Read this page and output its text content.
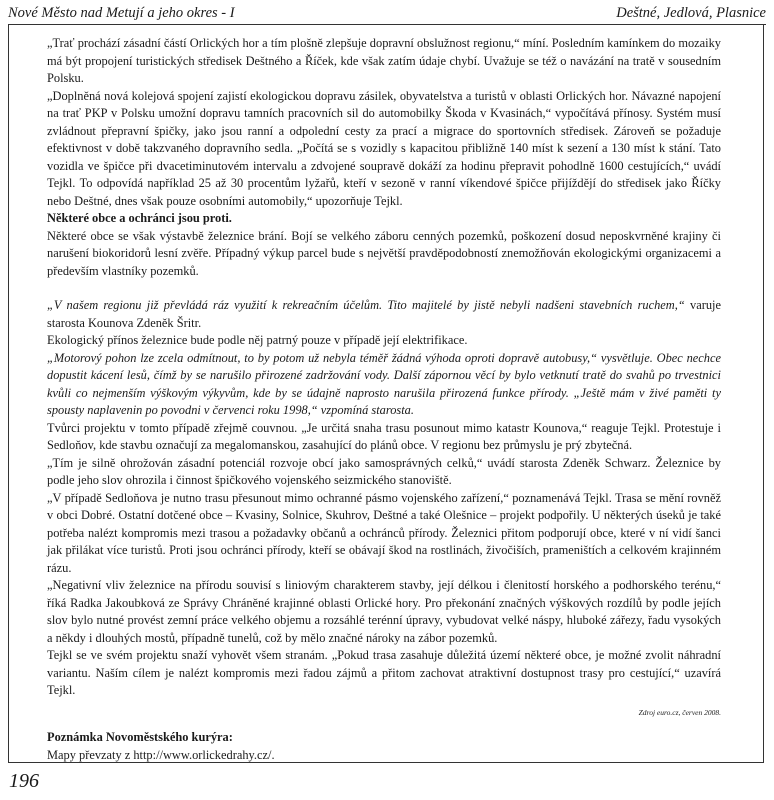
Nové Město nad Metují a jeho okres - I	Deštné, Jedlová, Plasnice

„Trať prochází zásadní částí Orlických hor a tím plošně zlepšuje dopravní obslužnost regionu,“ míní. Posledním kamínkem do mozaiky má být propojení turistických středisek Deštného a Říček, kde však zatím údaje chybí. Uvažuje se též o navázání na tratě v sousedním Polsku.

„Doplněná nová kolejová spojení zajistí ekologickou dopravu zásilek, obyvatelstva a turistů v oblasti Orlických hor. Návazné napojení na trať PKP v Polsku umožní dopravu tamních pracovních sil do automobilky Škoda v Kvasinách,“ vypočítává přínosy. Systém musí zvládnout přepravní špičky, jako jsou ranní a odpolední cesty za prací a migrace do sportovních středisek. Zároveň se požaduje efektivnost v době takzvaného dopravního sedla. „Počítá se s vozidly s kapacitou přibližně 140 míst k sezení a 130 míst k stání. Tato vozidla ve špičce při dvacetiminutovém intervalu a zdvojené soupravě dokáží za hodinu přepravit pohodlně 1600 cestujících,“ uvádí Tejkl. To odpovídá například 25 až 30 procentům lyžařů, kteří v sezoně v ranní víkendové špičce přijíždějí do středisek jako Říčky nebo Deštné, dnes však pouze osobními automobily,“ upozorňuje Tejkl.

Některé obce a ochránci jsou proti.

Některé obce se však výstavbě železnice brání. Bojí se velkého záboru cenných pozemků, poškození dosud neposkvrněné krajiny či narušení biokoridorů lesní zvěře. Případný výkup parcel bude s největší pravděpodobností znemožňován ekologickými organizacemi a především vlastníky pozemků.

„V našem regionu již převládá ráz využití k rekreačním účelům. Tito majitelé by jistě nebyli nadšeni stavebních ruchem,“ varuje starosta Kounova Zdeněk Šritr.

Ekologický přínos železnice bude podle něj patrný pouze v případě její elektrifikace.

„Motorový pohon lze zcela odmítnout, to by potom už nebyla téměř žádná výhoda oproti dopravě autobusy,“ vysvětluje. Obec nechce dopustit kácení lesů, čímž by se narušilo přirozené zadržování vody. Další zápornou věcí by bylo vetknutí tratě do svahů po trvestnici kvůli co nejmenším výškovým výkyvům, kde by se údajně naprosto narušila přirozená funkce přírody. „Ještě mám v živé paměti ty spousty naplavenin po povodni v červenci roku 1998,“ vzpomíná starosta.

Tvůrci projektu v tomto případě zřejmě couvnou. „Je určitá snaha trasu posunout mimo katastr Kounova,“ reaguje Tejkl. Protestuje i Sedloňov, kde stavbu označují za megalomanskou, zasahující do plánů obce. V regionu bez průmyslu je prý zbytečná.

„Tím je silně ohrožován zásadní potenciál rozvoje obcí jako samosprávných celků,“ uvádí starosta Zdeněk Schwarz. Železnice by podle jeho slov ohrozila i činnost špičkového vojenského seizmického stanoviště.

„V případě Sedloňova je nutno trasu přesunout mimo ochranné pásmo vojenského zařízení,“ poznamenává Tejkl. Trasa se mění rovněž v obci Dobré. Ostatní dotčené obce – Kvasiny, Solnice, Skuhrov, Deštné a také Olešnice – projekt podpořily. U některých úseků je také potřeba nalézt kompromis mezi trasou a požadavky občanů a ochránců přírody. Železnici přitom podporují obce, které v ní vidí šanci jak přilákat více turistů. Proti jsou ochránci přírody, kteří se obávají škod na rostlinách, živočiších, prameništích a celkovém krajinném rázu.

„Negativní vliv železnice na přírodu souvisí s liniovým charakterem stavby, její délkou i členitostí horského a podhorského terénu,“ říká Radka Jakoubková ze Správy Chráněné krajinné oblasti Orlické hory. Pro překonání značných výškových rozdílů by podle jejích slov bylo nutné provést zemní práce velkého objemu a rozsáhlé terénní úpravy, vybudovat velké náspy, hluboké zářezy, řadu vysokých a někdy i dlouhých mostů, případně tunelů, což by mělo značné nároky na zábor pozemků.

Tejkl se ve svém projektu snaží vyhovět všem stranám. „Pokud trasa zasahuje důležitá území některé obce, je možné zvolit náhradní variantu. Naším cílem je nalézt kompromis mezi řadou zájmů a přitom zachovat atraktivní dostupnost trasy pro cestující,“ uzavírá Tejkl.

Zdroj euro.cz, červen 2008.

Poznámka Novoměstského kurýra:

Mapy převzaty z http://www.orlickedrahy.cz/.

196
